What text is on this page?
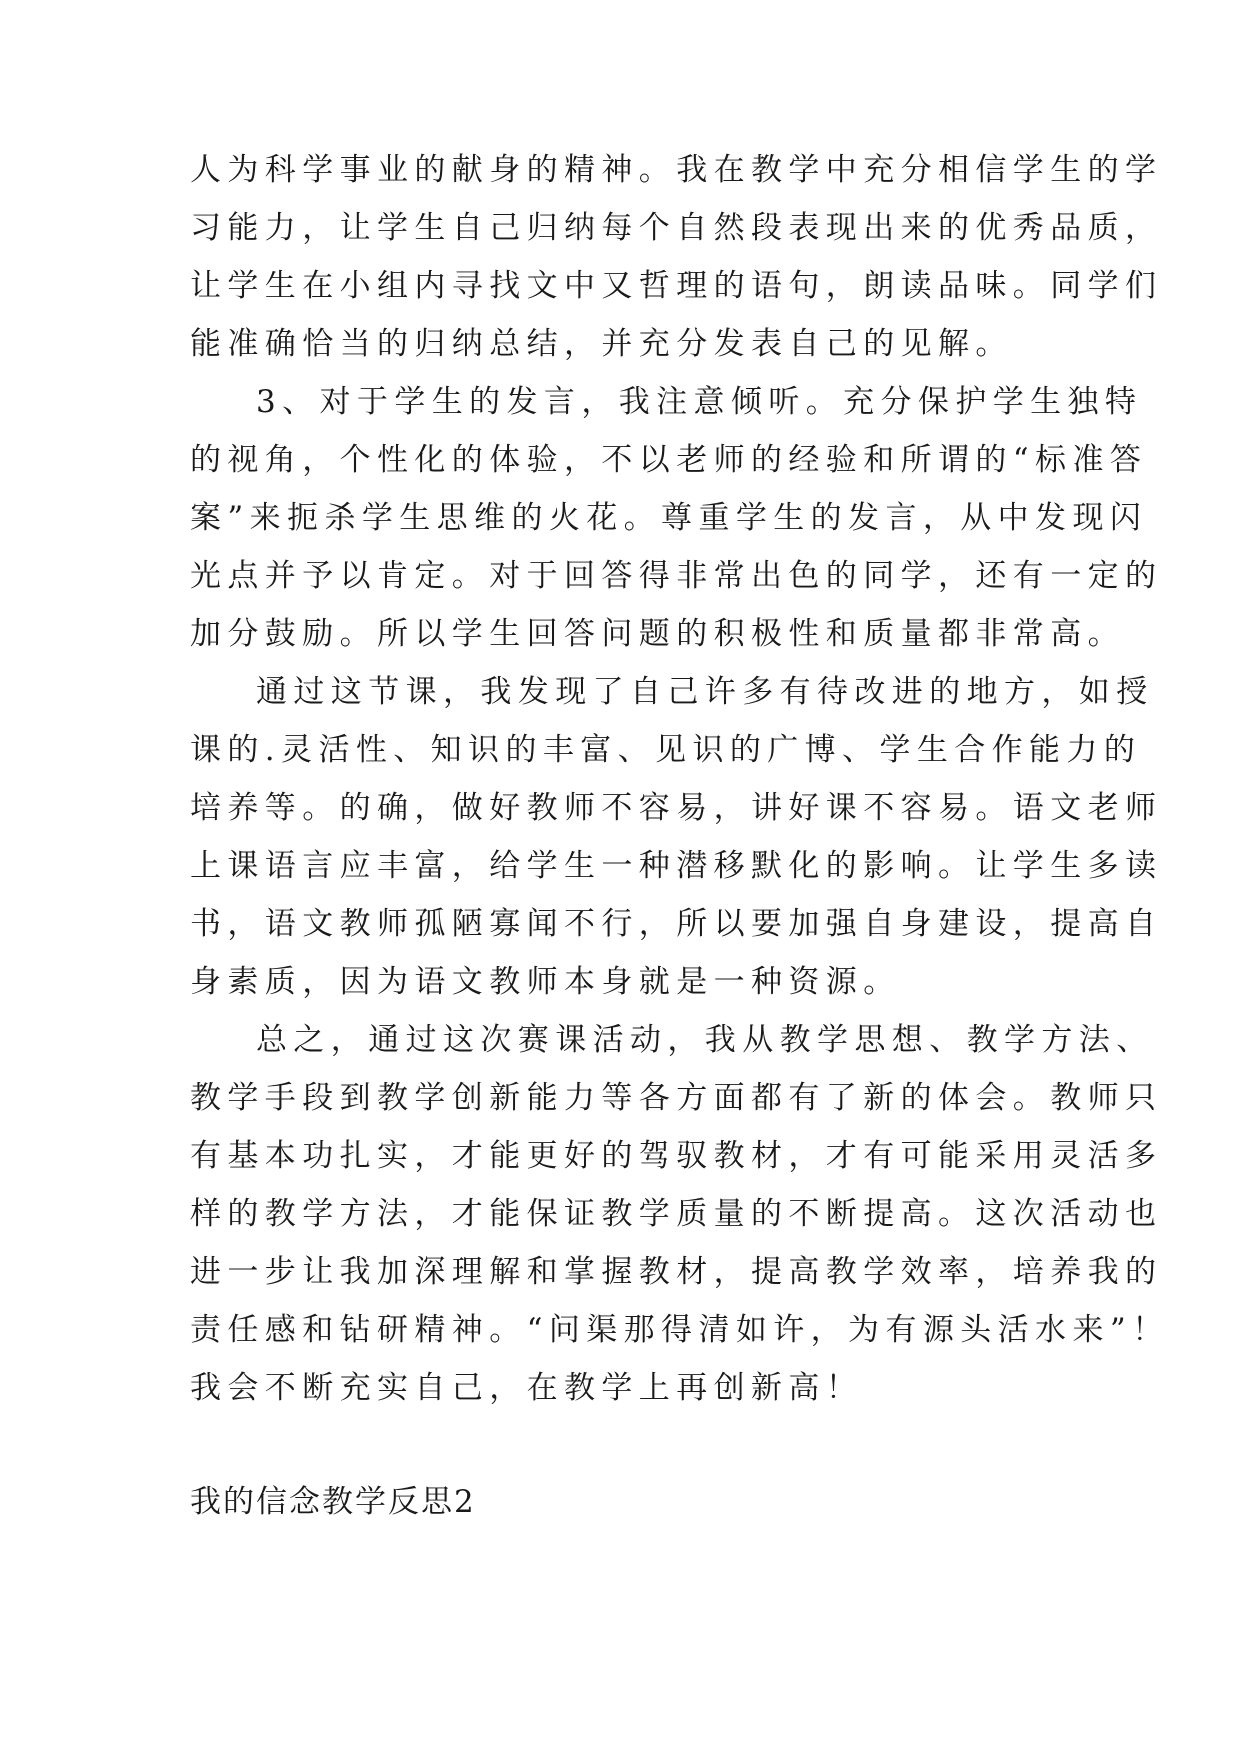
人为科学事业的献身的精神。我在教学中充分相信学生的学

习能力，让学生自己归纳每个自然段表现出来的优秀品质，

让学生在小组内寻找文中又哲理的语句，朗读品味。同学们

能准确恰当的归纳总结，并充分发表自己的见解。

3、对于学生的发言，我注意倾听。充分保护学生独特

的视角，个性化的体验，不以老师的经验和所谓的“标准答

案”来扼杀学生思维的火花。尊重学生的发言，从中发现闪

光点并予以肯定。对于回答得非常出色的同学，还有一定的

加分鼓励。所以学生回答问题的积极性和质量都非常高。

通过这节课，我发现了自己许多有待改进的地方，如授

课的.灵活性、知识的丰富、见识的广博、学生合作能力的

培养等。的确，做好教师不容易，讲好课不容易。语文老师

上课语言应丰富，给学生一种潜移默化的影响。让学生多读

书，语文教师孤陋寡闻不行，所以要加强自身建设，提高自

身素质，因为语文教师本身就是一种资源。

总之，通过这次赛课活动，我从教学思想、教学方法、

教学手段到教学创新能力等各方面都有了新的体会。教师只

有基本功扎实，才能更好的驾驭教材，才有可能采用灵活多

样的教学方法，才能保证教学质量的不断提高。这次活动也

进一步让我加深理解和掌握教材，提高教学效率，培养我的

责任感和钻研精神。“问渠那得清如许，为有源头活水来”！

我会不断充实自己，在教学上再创新高！

我的信念教学反思2
